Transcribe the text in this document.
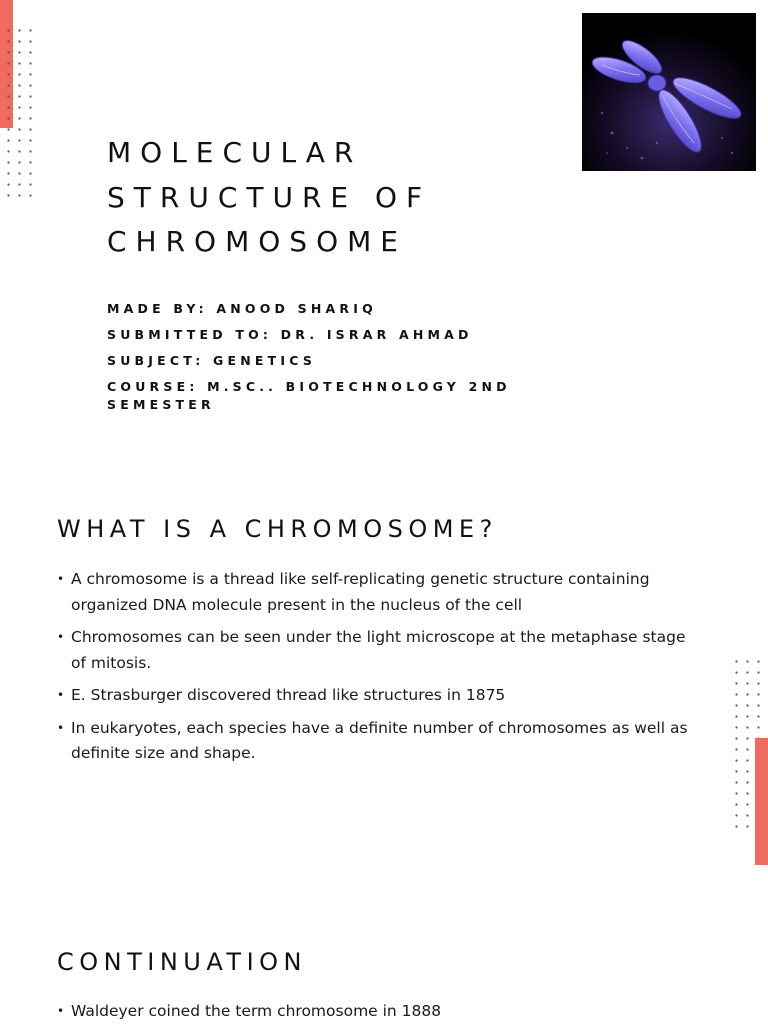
MOLECULAR
STRUCTURE OF
CHROMOSOME
MADE BY: ANOOD SHARIQ
SUBMITTED TO: DR. ISRAR AHMAD
SUBJECT: GENETICS
COURSE: M.SC.. BIOTECHNOLOGY 2ND SEMESTER
WHAT IS A CHROMOSOME?
• A chromosome is a thread like self-replicating genetic structure containing organized DNA molecule present in the nucleus of the cell
• Chromosomes can be seen under the light microscope at the metaphase stage of mitosis.
• E. Strasburger discovered thread like structures in 1875
• In eukaryotes, each species have a definite number of chromosomes as well as definite size and shape.
CONTINUATION
• Waldeyer coined the term chromosome in 1888
